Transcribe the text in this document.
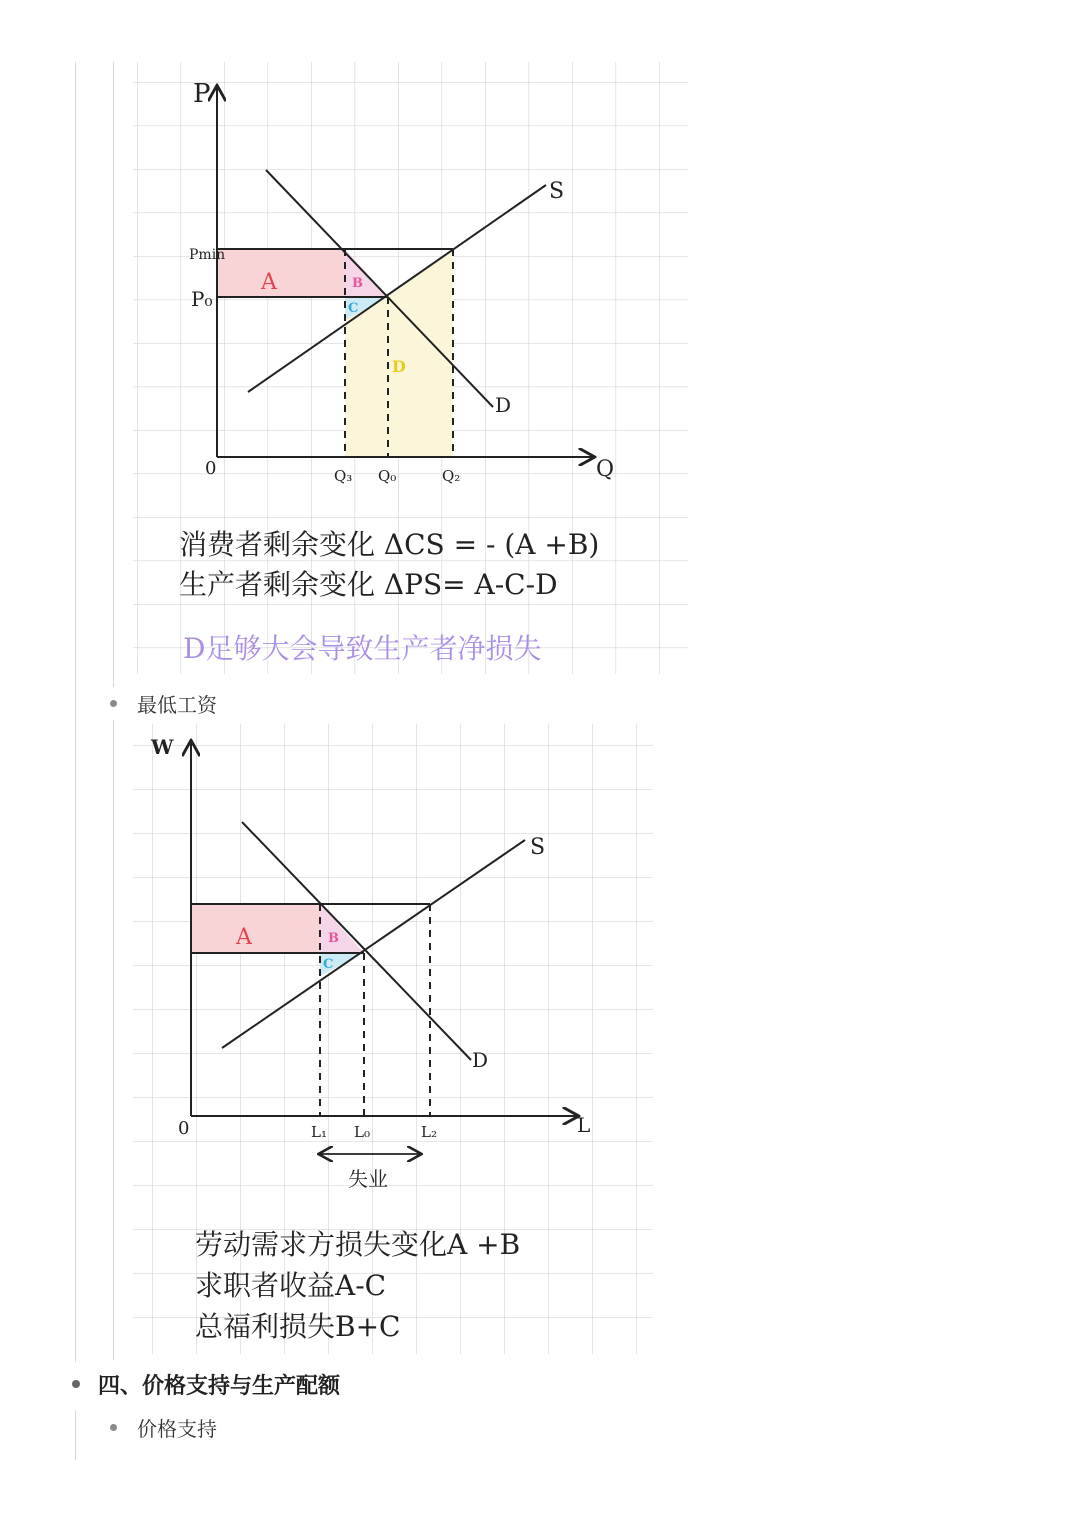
P
Q
0
Pmin
P₀
S
D
Q₃ Q₀	Q₂
A	B
C
D
消费者剩余变化 ΔCS = - (A +B)
生产者剩余变化 ΔPS= A-C-D
D足够大会导致生产者净损失
最低工资
W
L
0
S
D
L₁ L₀	L₂
失业
A	B
C
劳动需求方损失变化A +B
求职者收益A-C
总福利损失B+C
四、价格支持与生产配额
价格支持
